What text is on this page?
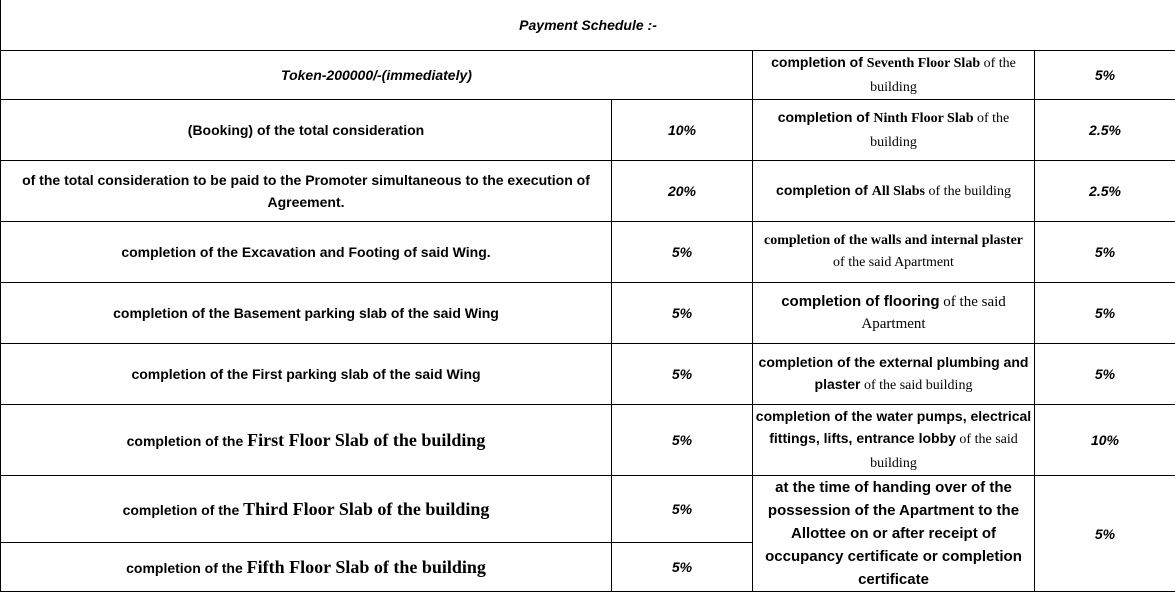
Payment Schedule :-			
Token-200000/-(immediately)		completion of Seventh Floor Slab of the building	5%
(Booking) of the total consideration	10%	completion of Ninth Floor Slab of the building	2.5%
of the total consideration to be paid to the Promoter simultaneous to the execution of Agreement.	20%	completion of All Slabs of the building	2.5%
completion of the Excavation and Footing of said Wing.	5%	completion of the walls and internal plaster of the said Apartment	5%
completion of the Basement parking slab of the said Wing	5%	completion of flooring of the said Apartment	5%
completion of the First parking slab of the said Wing	5%	completion of the external plumbing and plaster of the said building	5%
completion of the First Floor Slab of the building	5%	completion of the water pumps, electrical fittings, lifts, entrance lobby of the said building	10%
completion of the Third Floor Slab of the building	5%	at the time of handing over of the possession of the Apartment to the Allottee on or after receipt of occupancy certificate or completion certificate	5%
completion of the Fifth Floor Slab of the building	5%		
